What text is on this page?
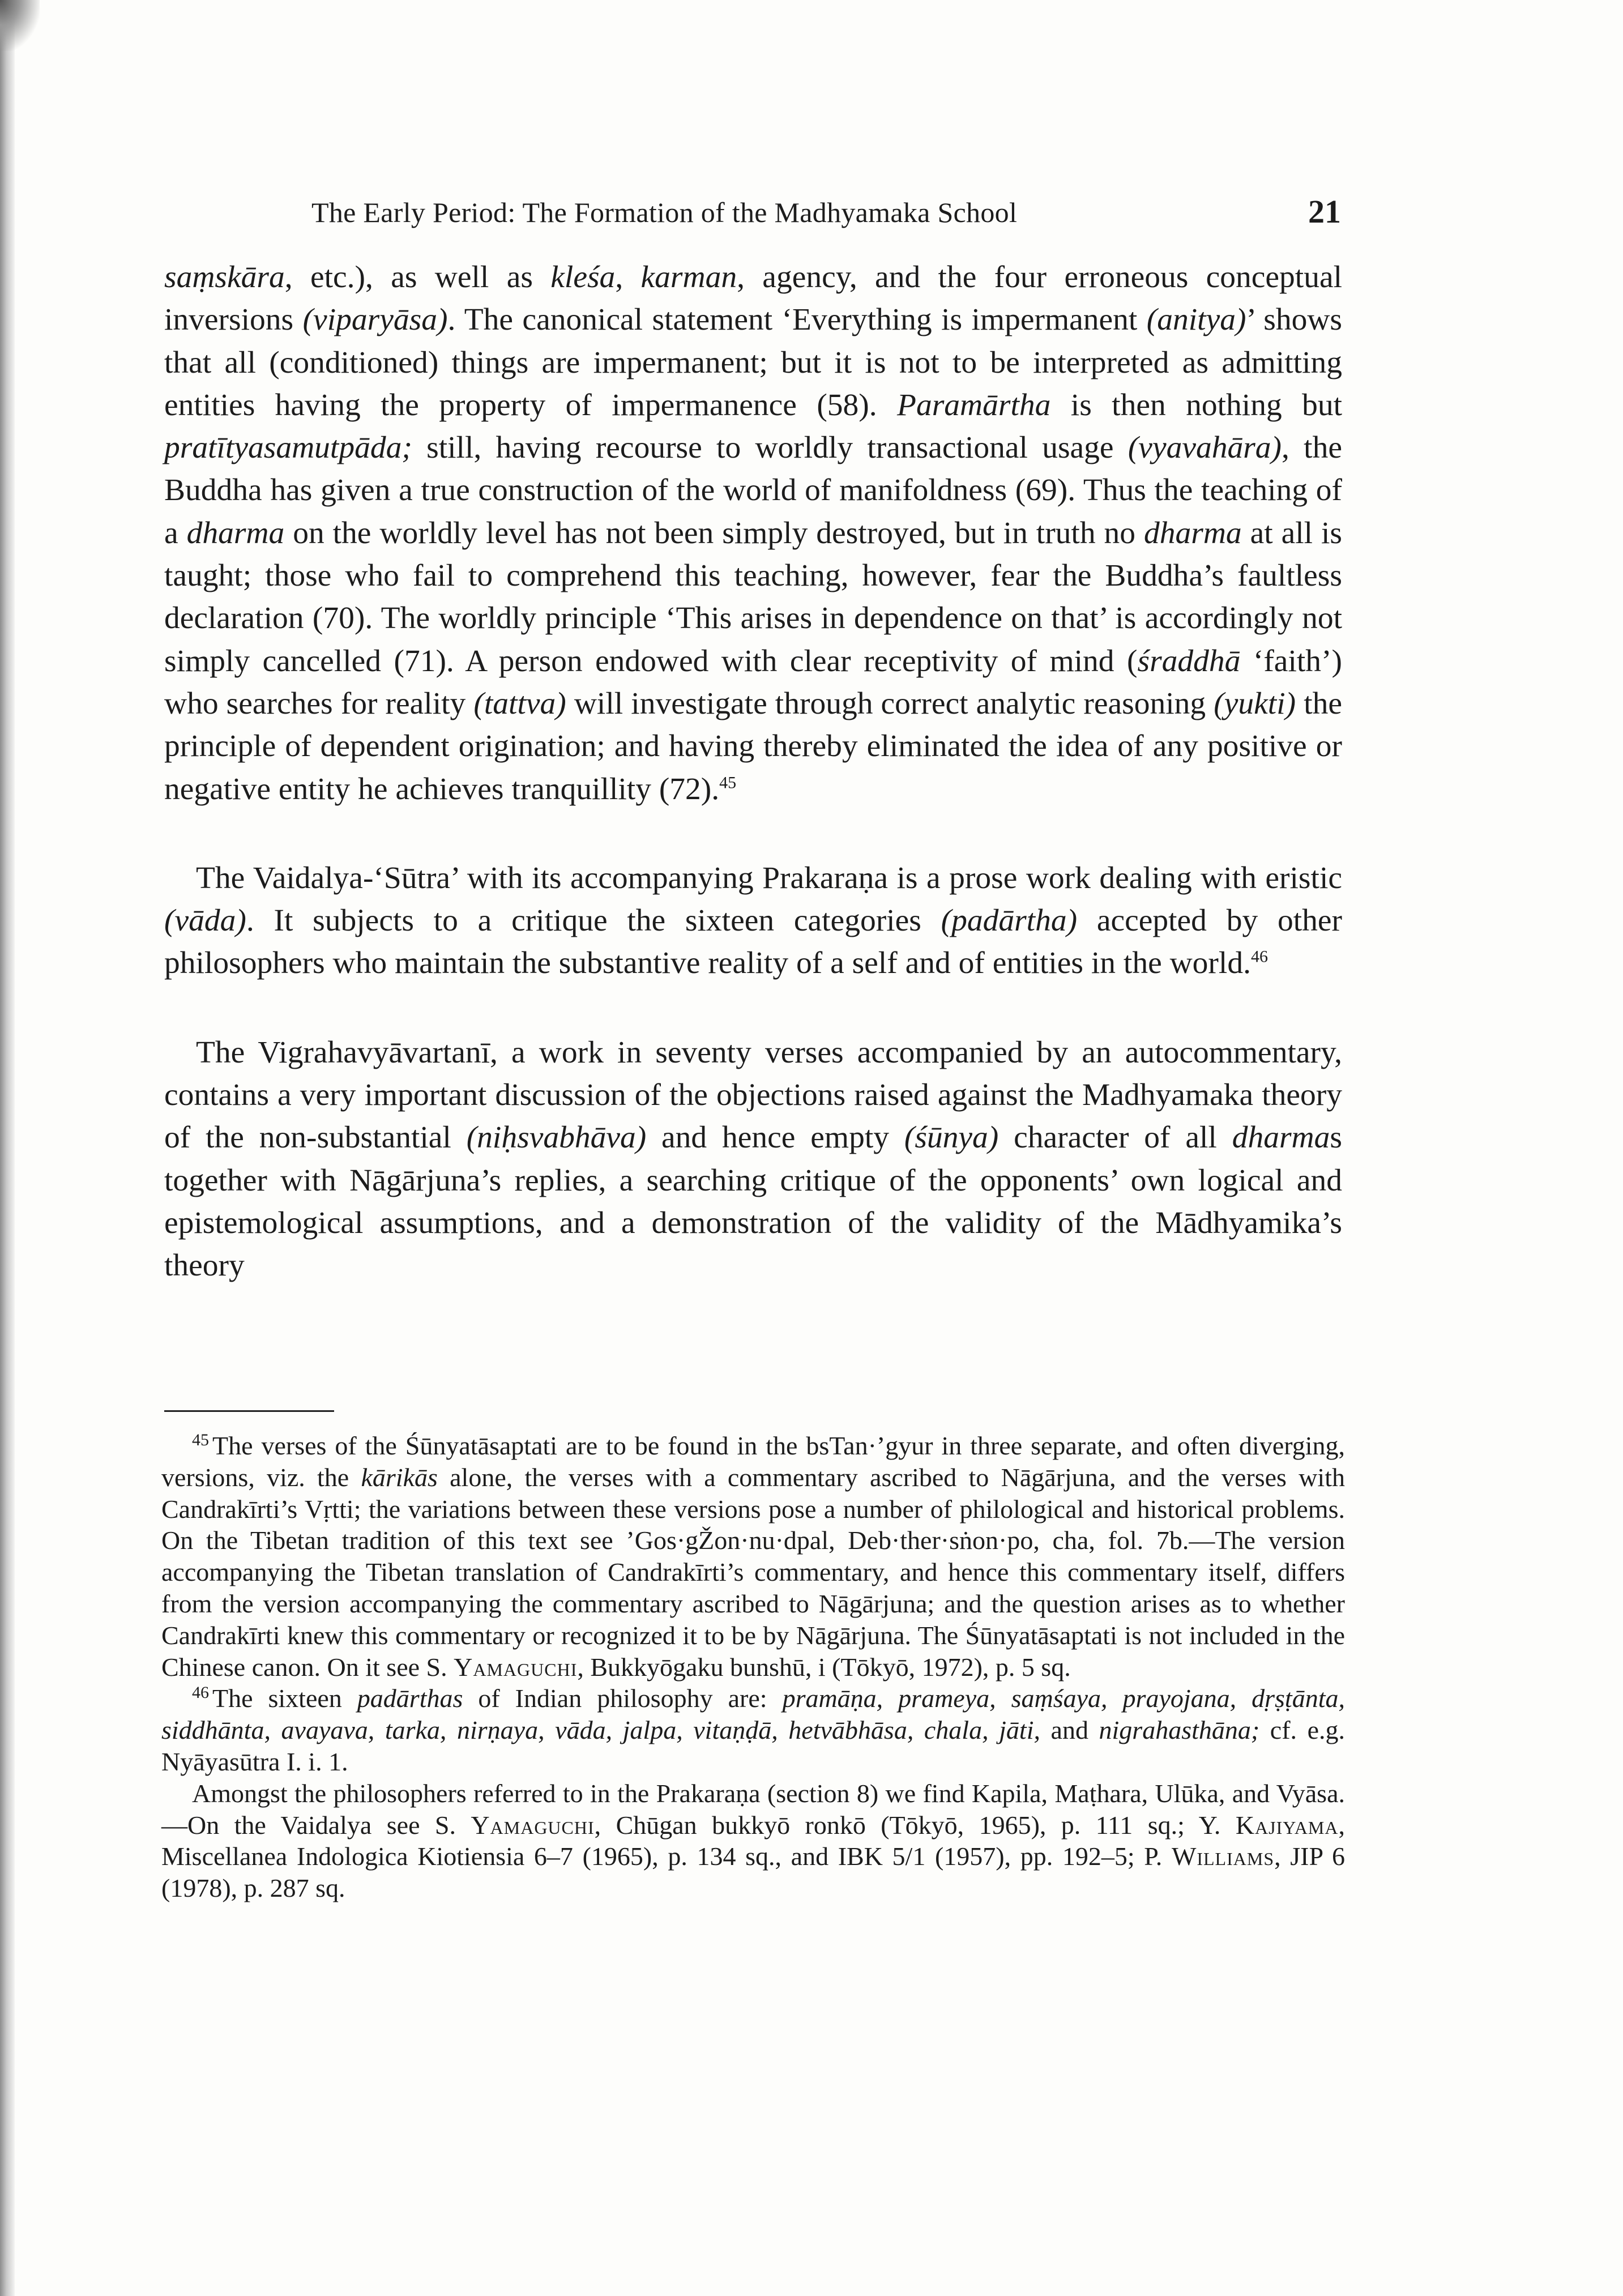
The Early Period: The Formation of the Madhyamaka School	21

saṃskāra, etc.), as well as kleśa, karman, agency, and the four erroneous conceptual inversions (viparyāsa). The canonical statement ‘Everything is impermanent (anitya)’ shows that all (conditioned) things are impermanent; but it is not to be interpreted as admitting entities having the property of impermanence (58). Paramārtha is then nothing but pratītyasamutpāda; still, having recourse to worldly transactional usage (vyavahāra), the Buddha has given a true construction of the world of manifoldness (69). Thus the teaching of a dharma on the worldly level has not been simply destroyed, but in truth no dharma at all is taught; those who fail to comprehend this teaching, however, fear the Buddha’s faultless declaration (70). The worldly principle ‘This arises in dependence on that’ is accordingly not simply cancelled (71). A person endowed with clear receptivity of mind (śraddhā ‘faith’) who searches for reality (tattva) will investigate through correct analytic reasoning (yukti) the principle of dependent origination; and having thereby eliminated the idea of any positive or negative entity he achieves tranquillity (72).$^{45}$

The Vaidalya-‘Sūtra’ with its accompanying Prakaraṇa is a prose work dealing with eristic (vāda). It subjects to a critique the sixteen categories (padārtha) accepted by other philosophers who maintain the substantive reality of a self and of entities in the world.$^{46}$

The Vigrahavyāvartanī, a work in seventy verses accompanied by an autocommentary, contains a very important discussion of the objections raised against the Madhyamaka theory of the non-substantial (niḥsvabhāva) and hence empty (śūnya) character of all dharmas together with Nāgārjuna’s replies, a searching critique of the opponents’ own logical and epistemological assumptions, and a demonstration of the validity of the Mādhyamika’s theory

$^{45}$ The verses of the Śūnyatāsaptati are to be found in the bsTan·’gyur in three separate, and often diverging, versions, viz. the kārikās alone, the verses with a commentary ascribed to Nāgārjuna, and the verses with Candrakīrti’s Vṛtti; the variations between these versions pose a number of philological and historical problems. On the Tibetan tradition of this text see ’Gos·gŽon·nu·dpal, Deb·ther·sṅon·po, cha, fol. 7b.—The version accompanying the Tibetan translation of Candrakīrti’s commentary, and hence this commentary itself, differs from the version accompanying the commentary ascribed to Nāgārjuna; and the question arises as to whether Candrakīrti knew this commentary or recognized it to be by Nāgārjuna. The Śūnyatāsaptati is not included in the Chinese canon. On it see S. Yamaguchi, Bukkyōgaku bunshū, i (Tōkyō, 1972), p. 5 sq.

$^{46}$ The sixteen padārthas of Indian philosophy are: pramāṇa, prameya, saṃśaya, prayojana, dṛṣṭānta, siddhānta, avayava, tarka, nirṇaya, vāda, jalpa, vitaṇḍā, hetvābhāsa, chala, jāti, and nigrahasthāna; cf. e.g. Nyāyasūtra I. i. 1.

Amongst the philosophers referred to in the Prakaraṇa (section 8) we find Kapila, Maṭhara, Ulūka, and Vyāsa.—On the Vaidalya see S. Yamaguchi, Chūgan bukkyō ronkō (Tōkyō, 1965), p. 111 sq.; Y. Kajiyama, Miscellanea Indologica Kiotiensia 6–7 (1965), p. 134 sq., and IBK 5/1 (1957), pp. 192–5; P. Williams, JIP 6 (1978), p. 287 sq.
